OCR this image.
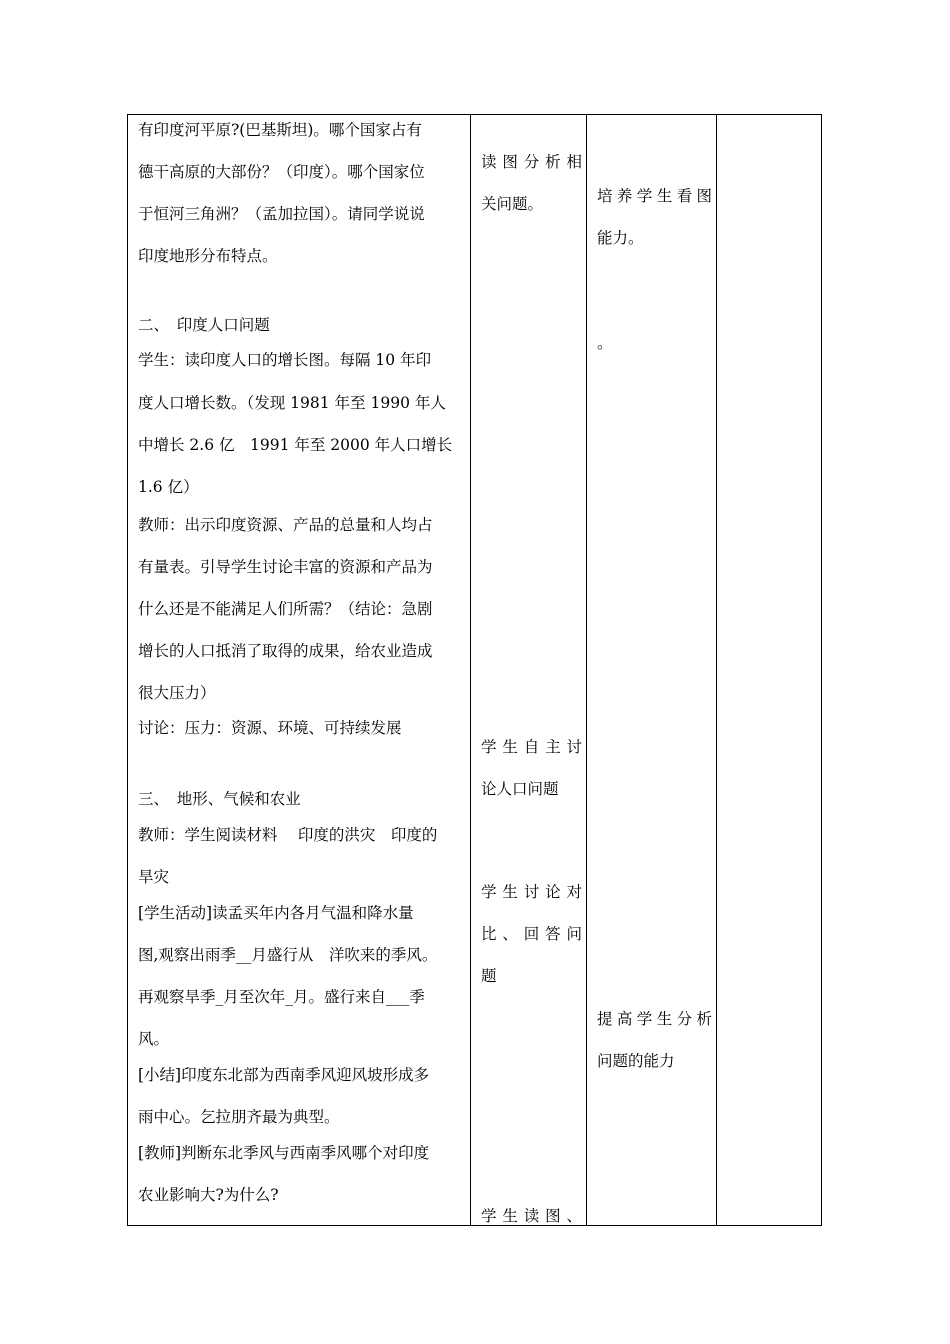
有印度河平原?(巴基斯坦)。哪个国家占有
德干高原的大部份？（印度）。哪个国家位
于恒河三角洲？（孟加拉国）。请同学说说
印度地形分布特点。
二、　印度人口问题
学生：读印度人口的增长图。每隔 10 年印
度人口增长数。（发现 1981 年至 1990 年人
中增长 2.6 亿　1991 年至 2000 年人口增长
1.6 亿）
教师：出示印度资源、产品的总量和人均占
有量表。引导学生讨论丰富的资源和产品为
什么还是不能满足人们所需？（结论：急剧
增长的人口抵消了取得的成果，给农业造成
很大压力）
讨论：压力：资源、环境、可持续发展
三、　地形、气候和农业
教师：学生阅读材料　 印度的洪灾　印度的
旱灾
[学生活动]读孟买年内各月气温和降水量
图,观察出雨季__月盛行从　洋吹来的季风。
再观察旱季_月至次年_月。盛行来自___季
风。
[小结]印度东北部为西南季风迎风坡形成多
雨中心。乞拉朋齐最为典型。
[教师]判断东北季风与西南季风哪个对印度
农业影响大?为什么?
读图分析相
关问题。
学生自主讨
论人口问题
学生讨论对
比、回答问
题
学生读图、
培养学生看图
能力。
。
提高学生分析
问题的能力
